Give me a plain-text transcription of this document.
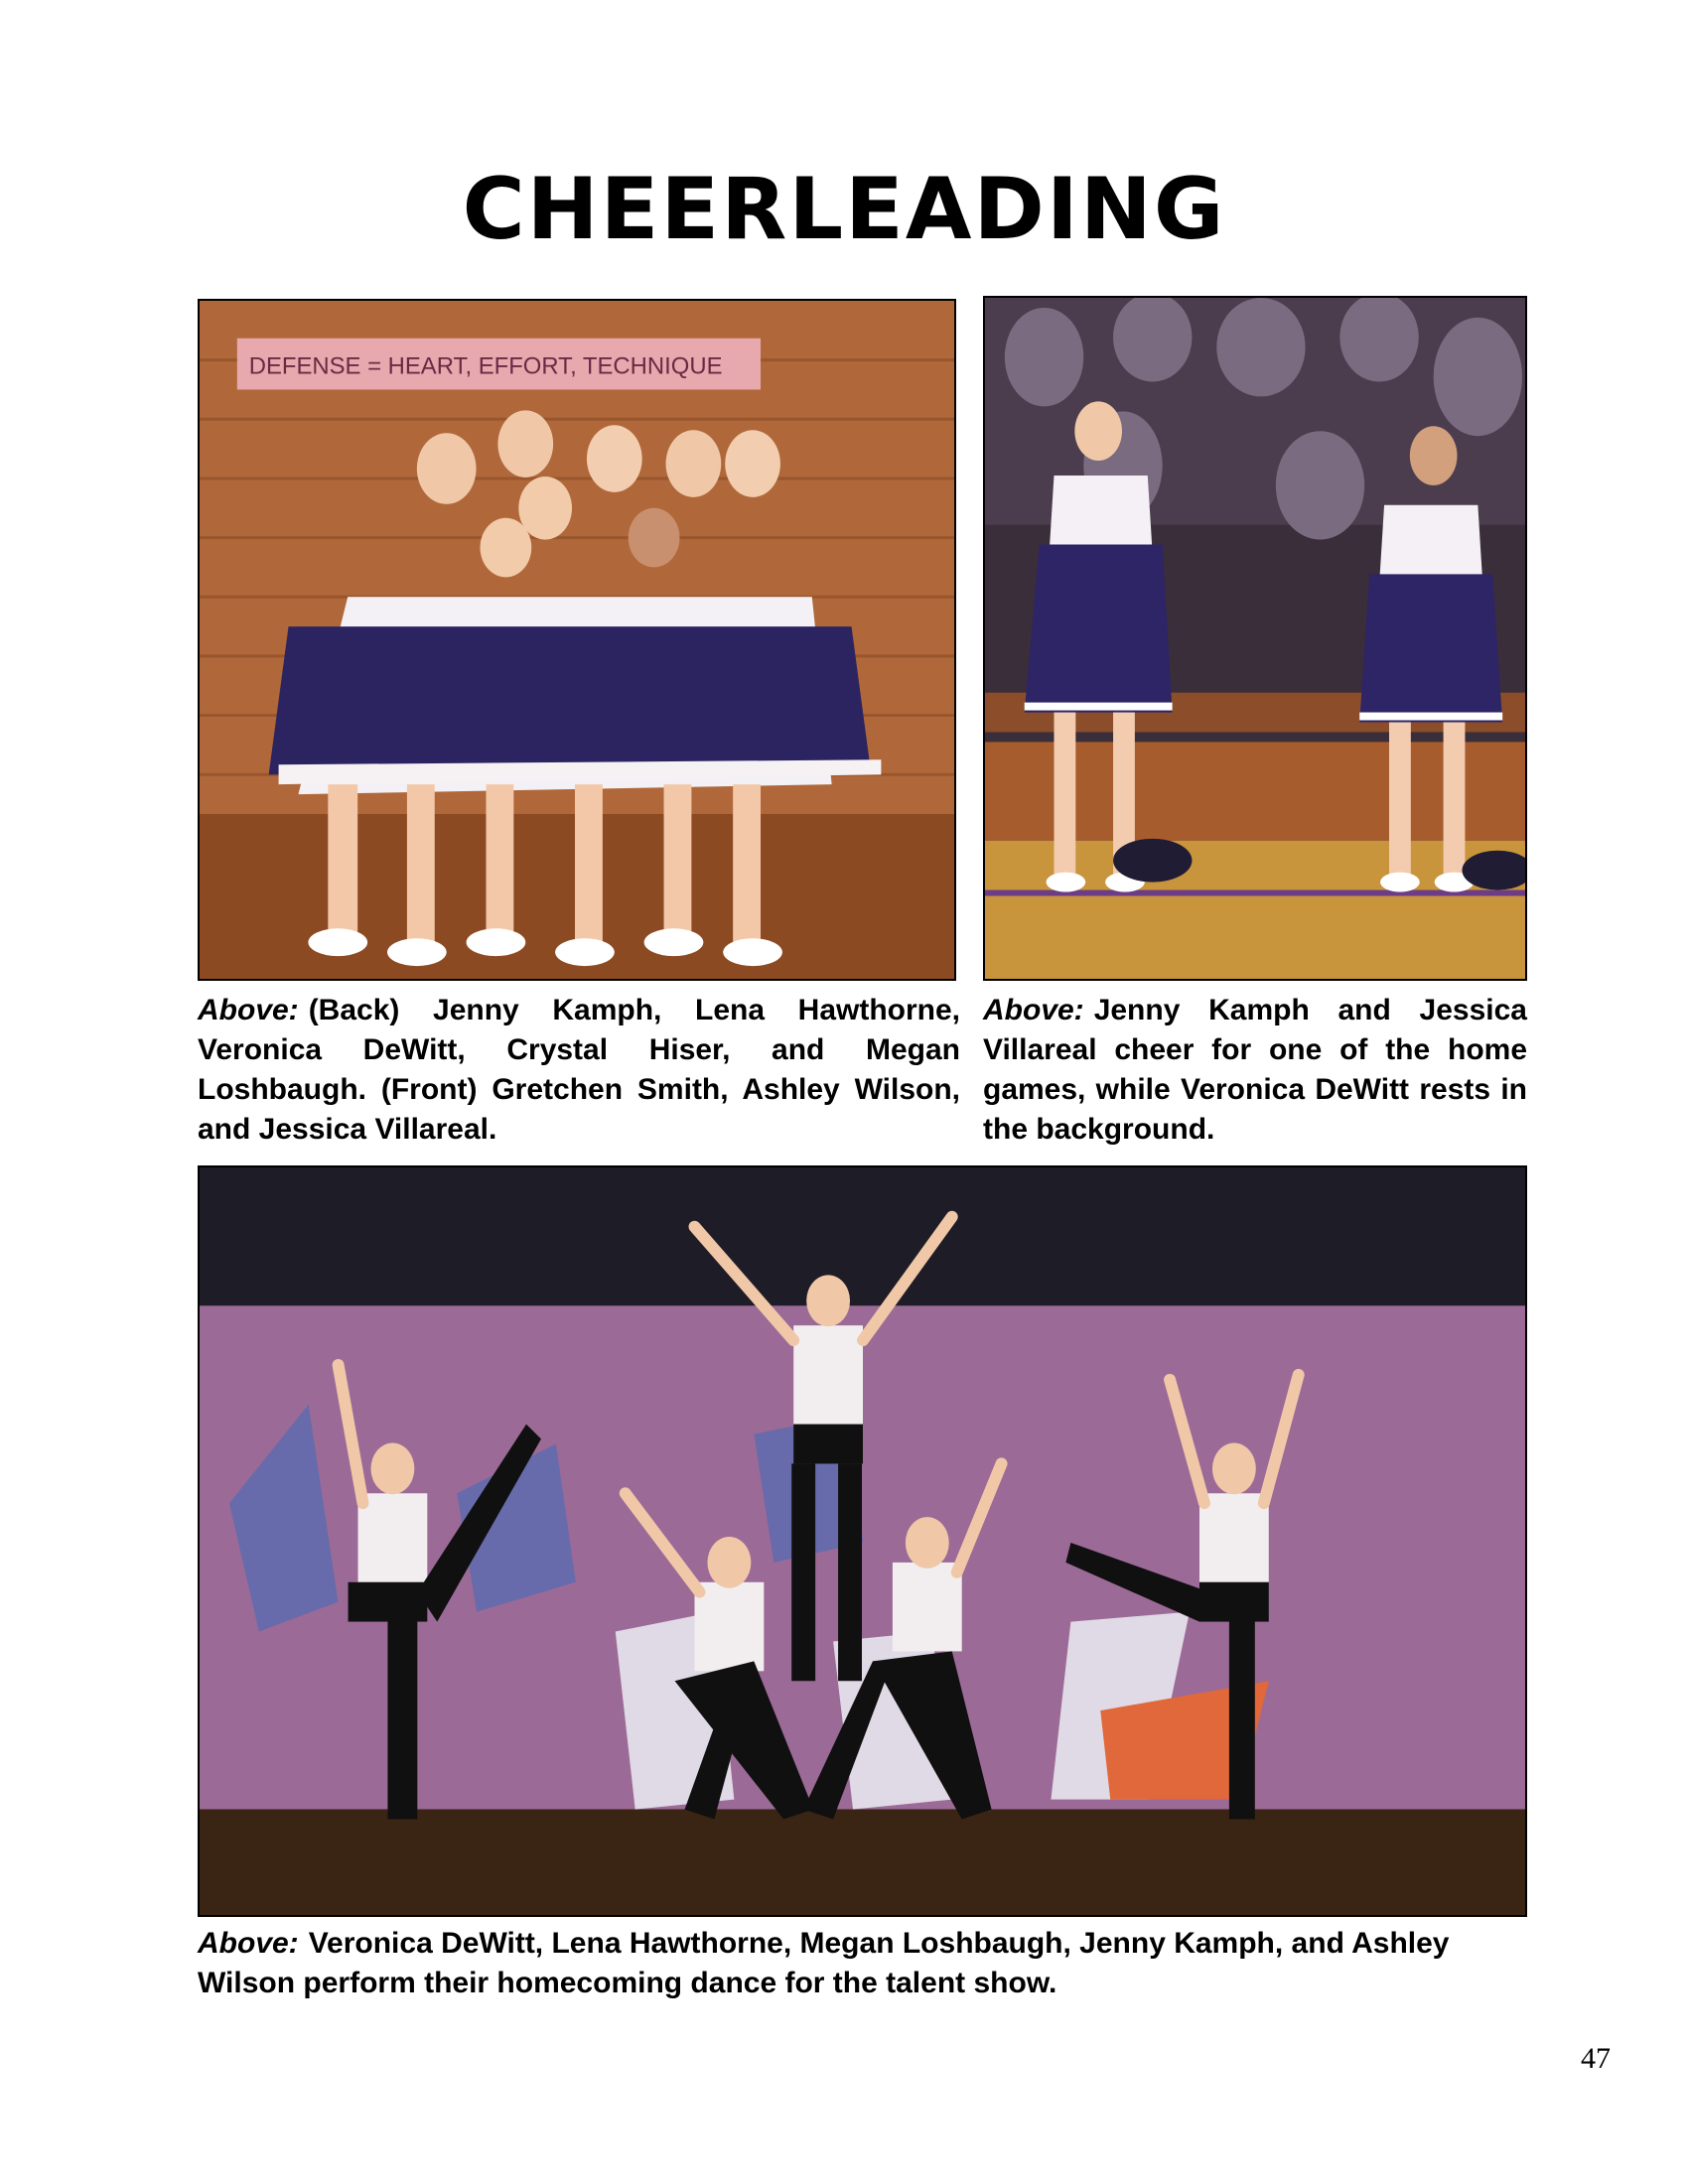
CHEERLEADING
DEFENSE = HEART, EFFORT, TECHNIQUE

Above: (Back) Jenny Kamph, Lena Hawthorne, Veronica DeWitt, Crystal Hiser, and Megan Loshbaugh. (Front) Gretchen Smith, Ashley Wilson, and Jessica Villareal.

Above: Jenny Kamph and Jessica Villareal cheer for one of the home games, while Veronica DeWitt rests in the background.

Above: Veronica DeWitt, Lena Hawthorne, Megan Loshbaugh, Jenny Kamph, and Ashley Wilson perform their homecoming dance for the talent show.

47
